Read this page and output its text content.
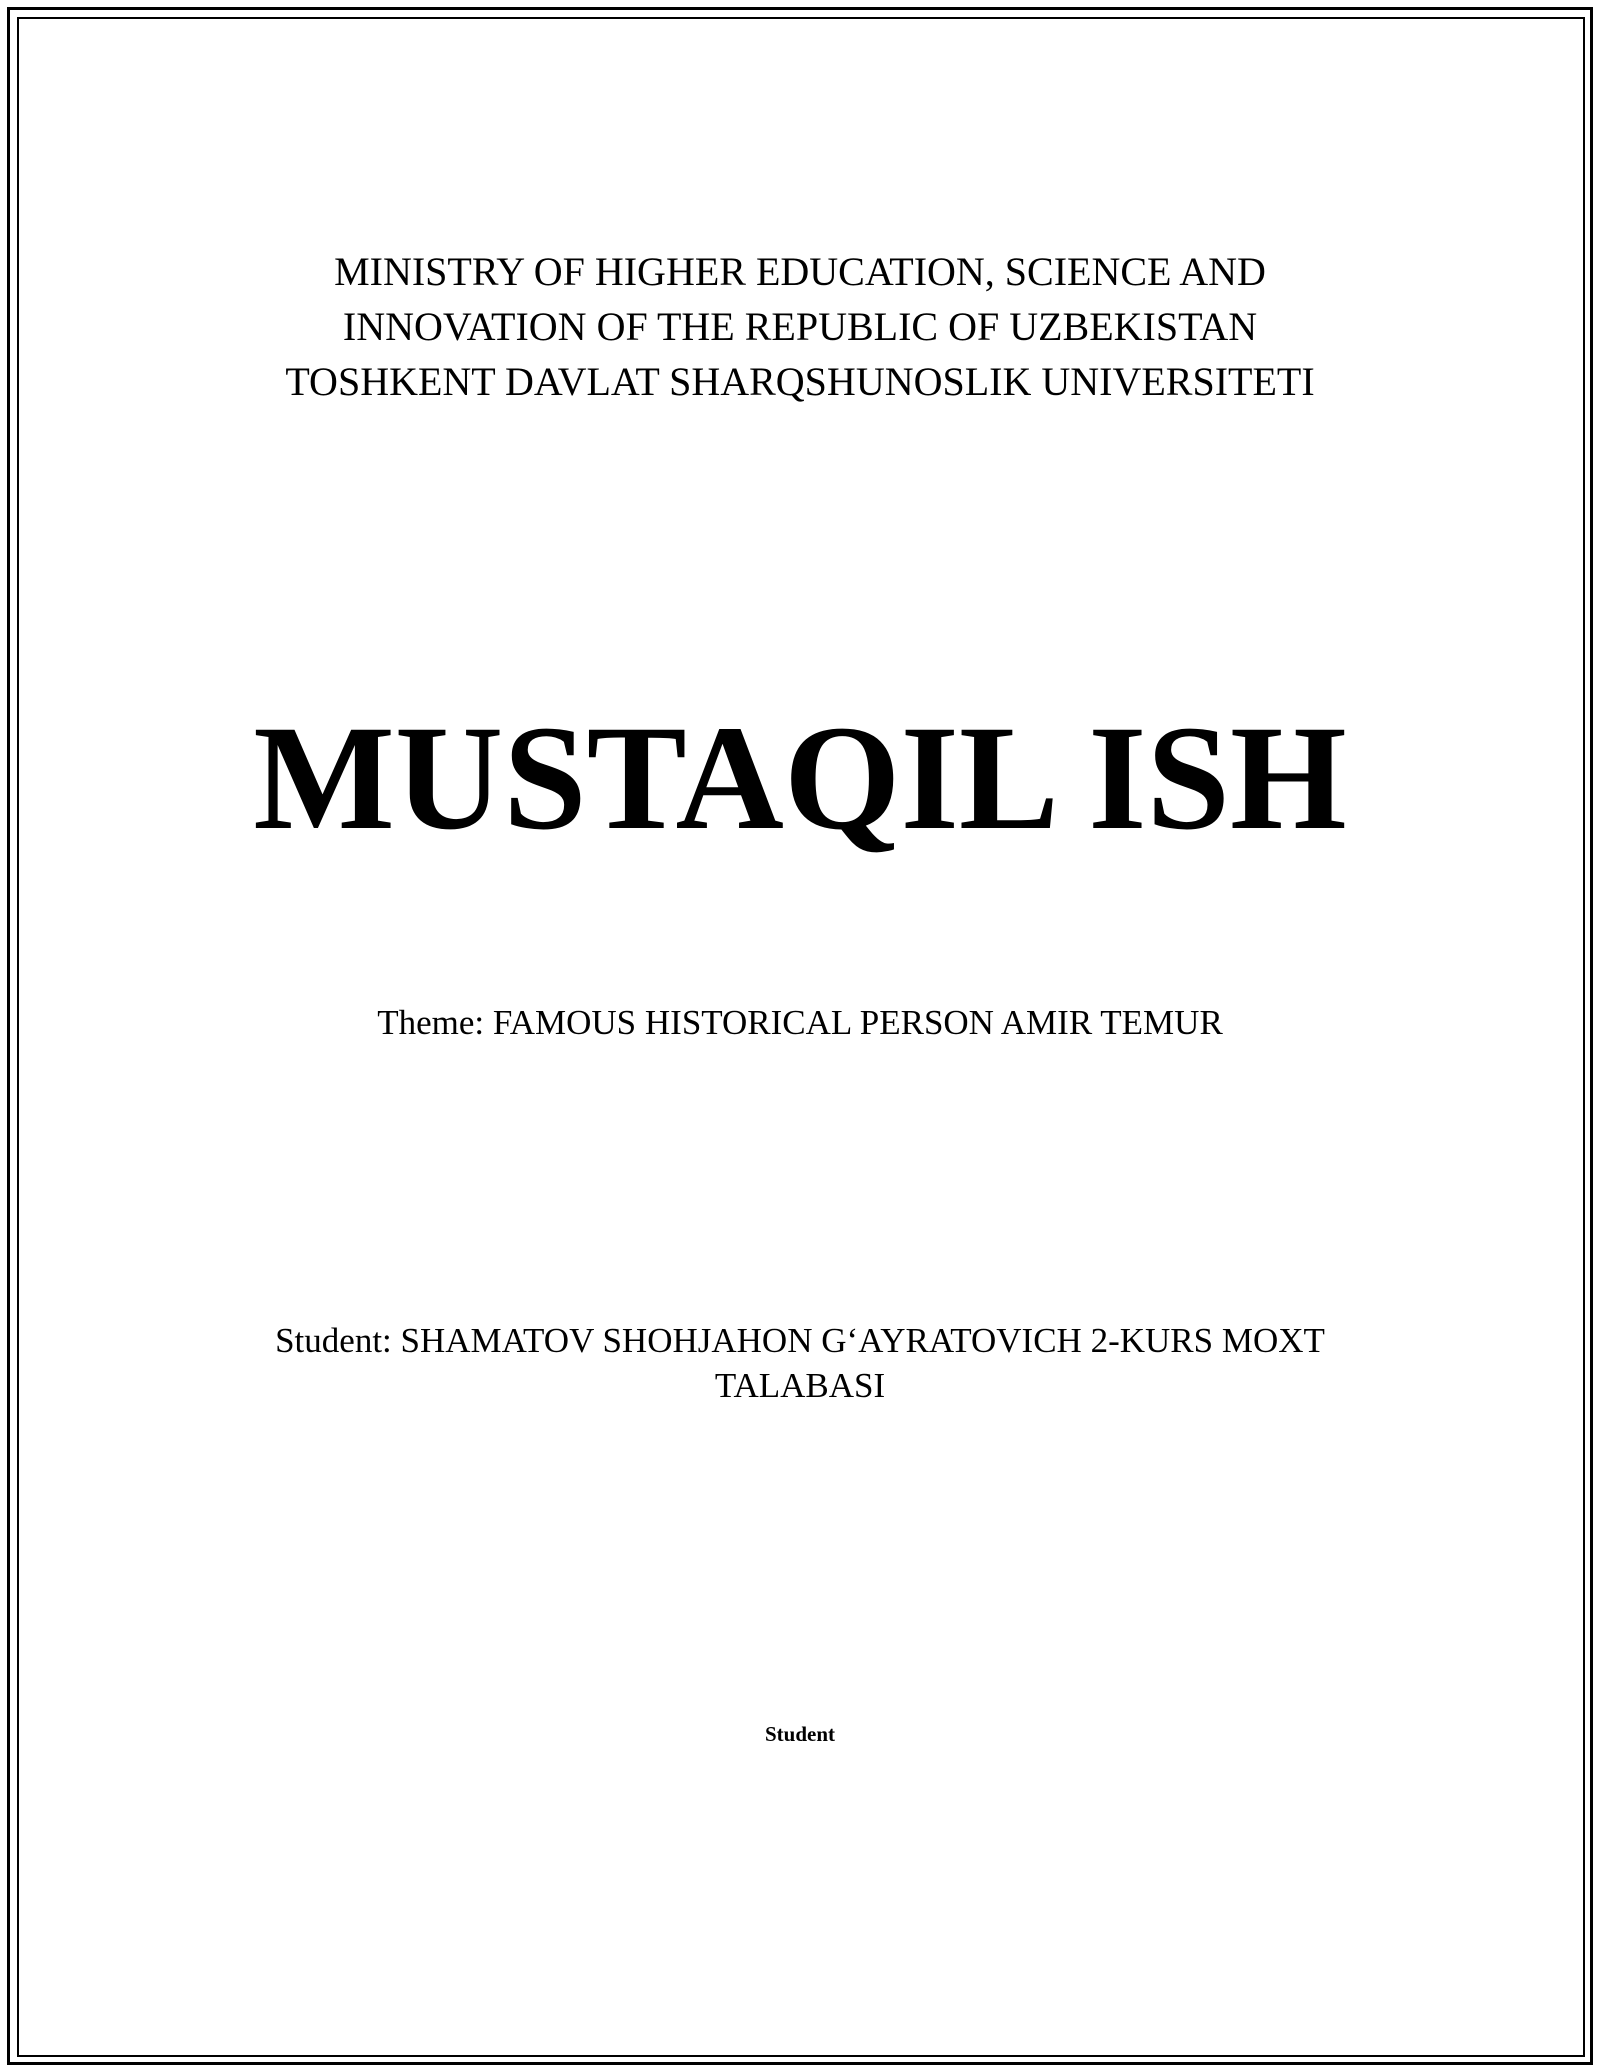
MINISTRY OF HIGHER EDUCATION, SCIENCE AND
INNOVATION OF THE REPUBLIC OF UZBEKISTAN
TOSHKENT DAVLAT SHARQSHUNOSLIK UNIVERSITETI
MUSTAQIL ISH
Theme: FAMOUS HISTORICAL PERSON AMIR TEMUR
Student: SHAMATOV SHOHJAHON G‘AYRATOVICH 2-KURS MOXT TALABASI
Student
